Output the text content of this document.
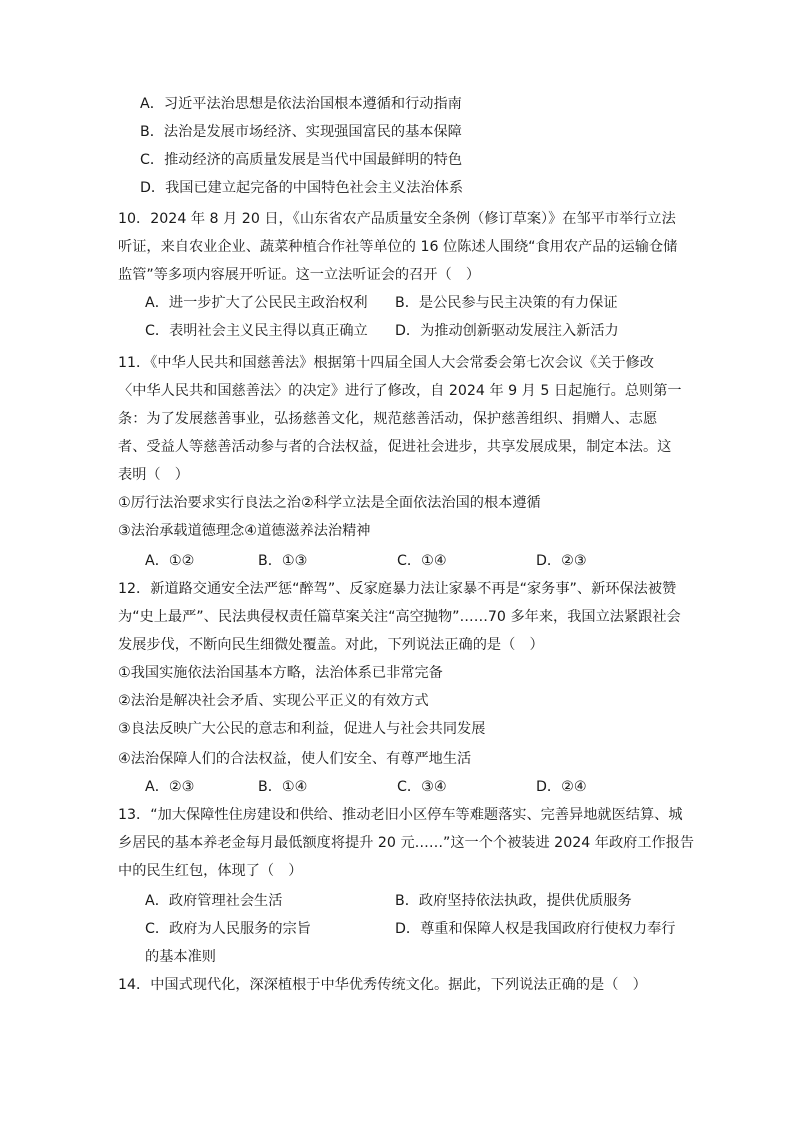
A．习近平法治思想是依法治国根本遵循和行动指南
B．法治是发展市场经济、实现强国富民的基本保障
C．推动经济的高质量发展是当代中国最鲜明的特色
D．我国已建立起完备的中国特色社会主义法治体系
10．2024 年 8 月 20 日，《山东省农产品质量安全条例（修订草案）》在邹平市举行立法
听证，来自农业企业、蔬菜种植合作社等单位的 16 位陈述人围绕“食用农产品的运输仓储
监管”等多项内容展开听证。这一立法听证会的召开（　）
A．进一步扩大了公民民主政治权利 B．是公民参与民主决策的有力保证
C．表明社会主义民主得以真正确立 D．为推动创新驱动发展注入新活力
11．《中华人民共和国慈善法》根据第十四届全国人大会常委会第七次会议《关于修改
〈中华人民共和国慈善法〉的决定》进行了修改，自 2024 年 9 月 5 日起施行。总则第一
条：为了发展慈善事业，弘扬慈善文化，规范慈善活动，保护慈善组织、捐赠人、志愿
者、受益人等慈善活动参与者的合法权益，促进社会进步，共享发展成果，制定本法。这
表明（　）
①厉行法治要求实行良法之治②科学立法是全面依法治国的根本遵循
③法治承载道德理念④道德滋养法治精神
A．①②	B．①③	C．①④	D．②③
12．新道路交通安全法严惩“醉驾”、反家庭暴力法让家暴不再是“家务事”、新环保法被赞
为“史上最严”、民法典侵权责任篇草案关注“高空抛物”……70 多年来，我国立法紧跟社会
发展步伐，不断向民生细微处覆盖。对此，下列说法正确的是（　）
①我国实施依法治国基本方略，法治体系已非常完备
②法治是解决社会矛盾、实现公平正义的有效方式
③良法反映广大公民的意志和利益，促进人与社会共同发展
④法治保障人们的合法权益，使人们安全、有尊严地生活
A．②③	B．①④	C．③④	D．②④
13．“加大保障性住房建设和供给、推动老旧小区停车等难题落实、完善异地就医结算、城
乡居民的基本养老金每月最低额度将提升 20 元……”这一个个被装进 2024 年政府工作报告
中的民生红包，体现了（　）
A．政府管理社会生活	B．政府坚持依法执政，提供优质服务
C．政府为人民服务的宗旨	D．尊重和保障人权是我国政府行使权力奉行
的基本准则
14．中国式现代化，深深植根于中华优秀传统文化。据此，下列说法正确的是（　）
